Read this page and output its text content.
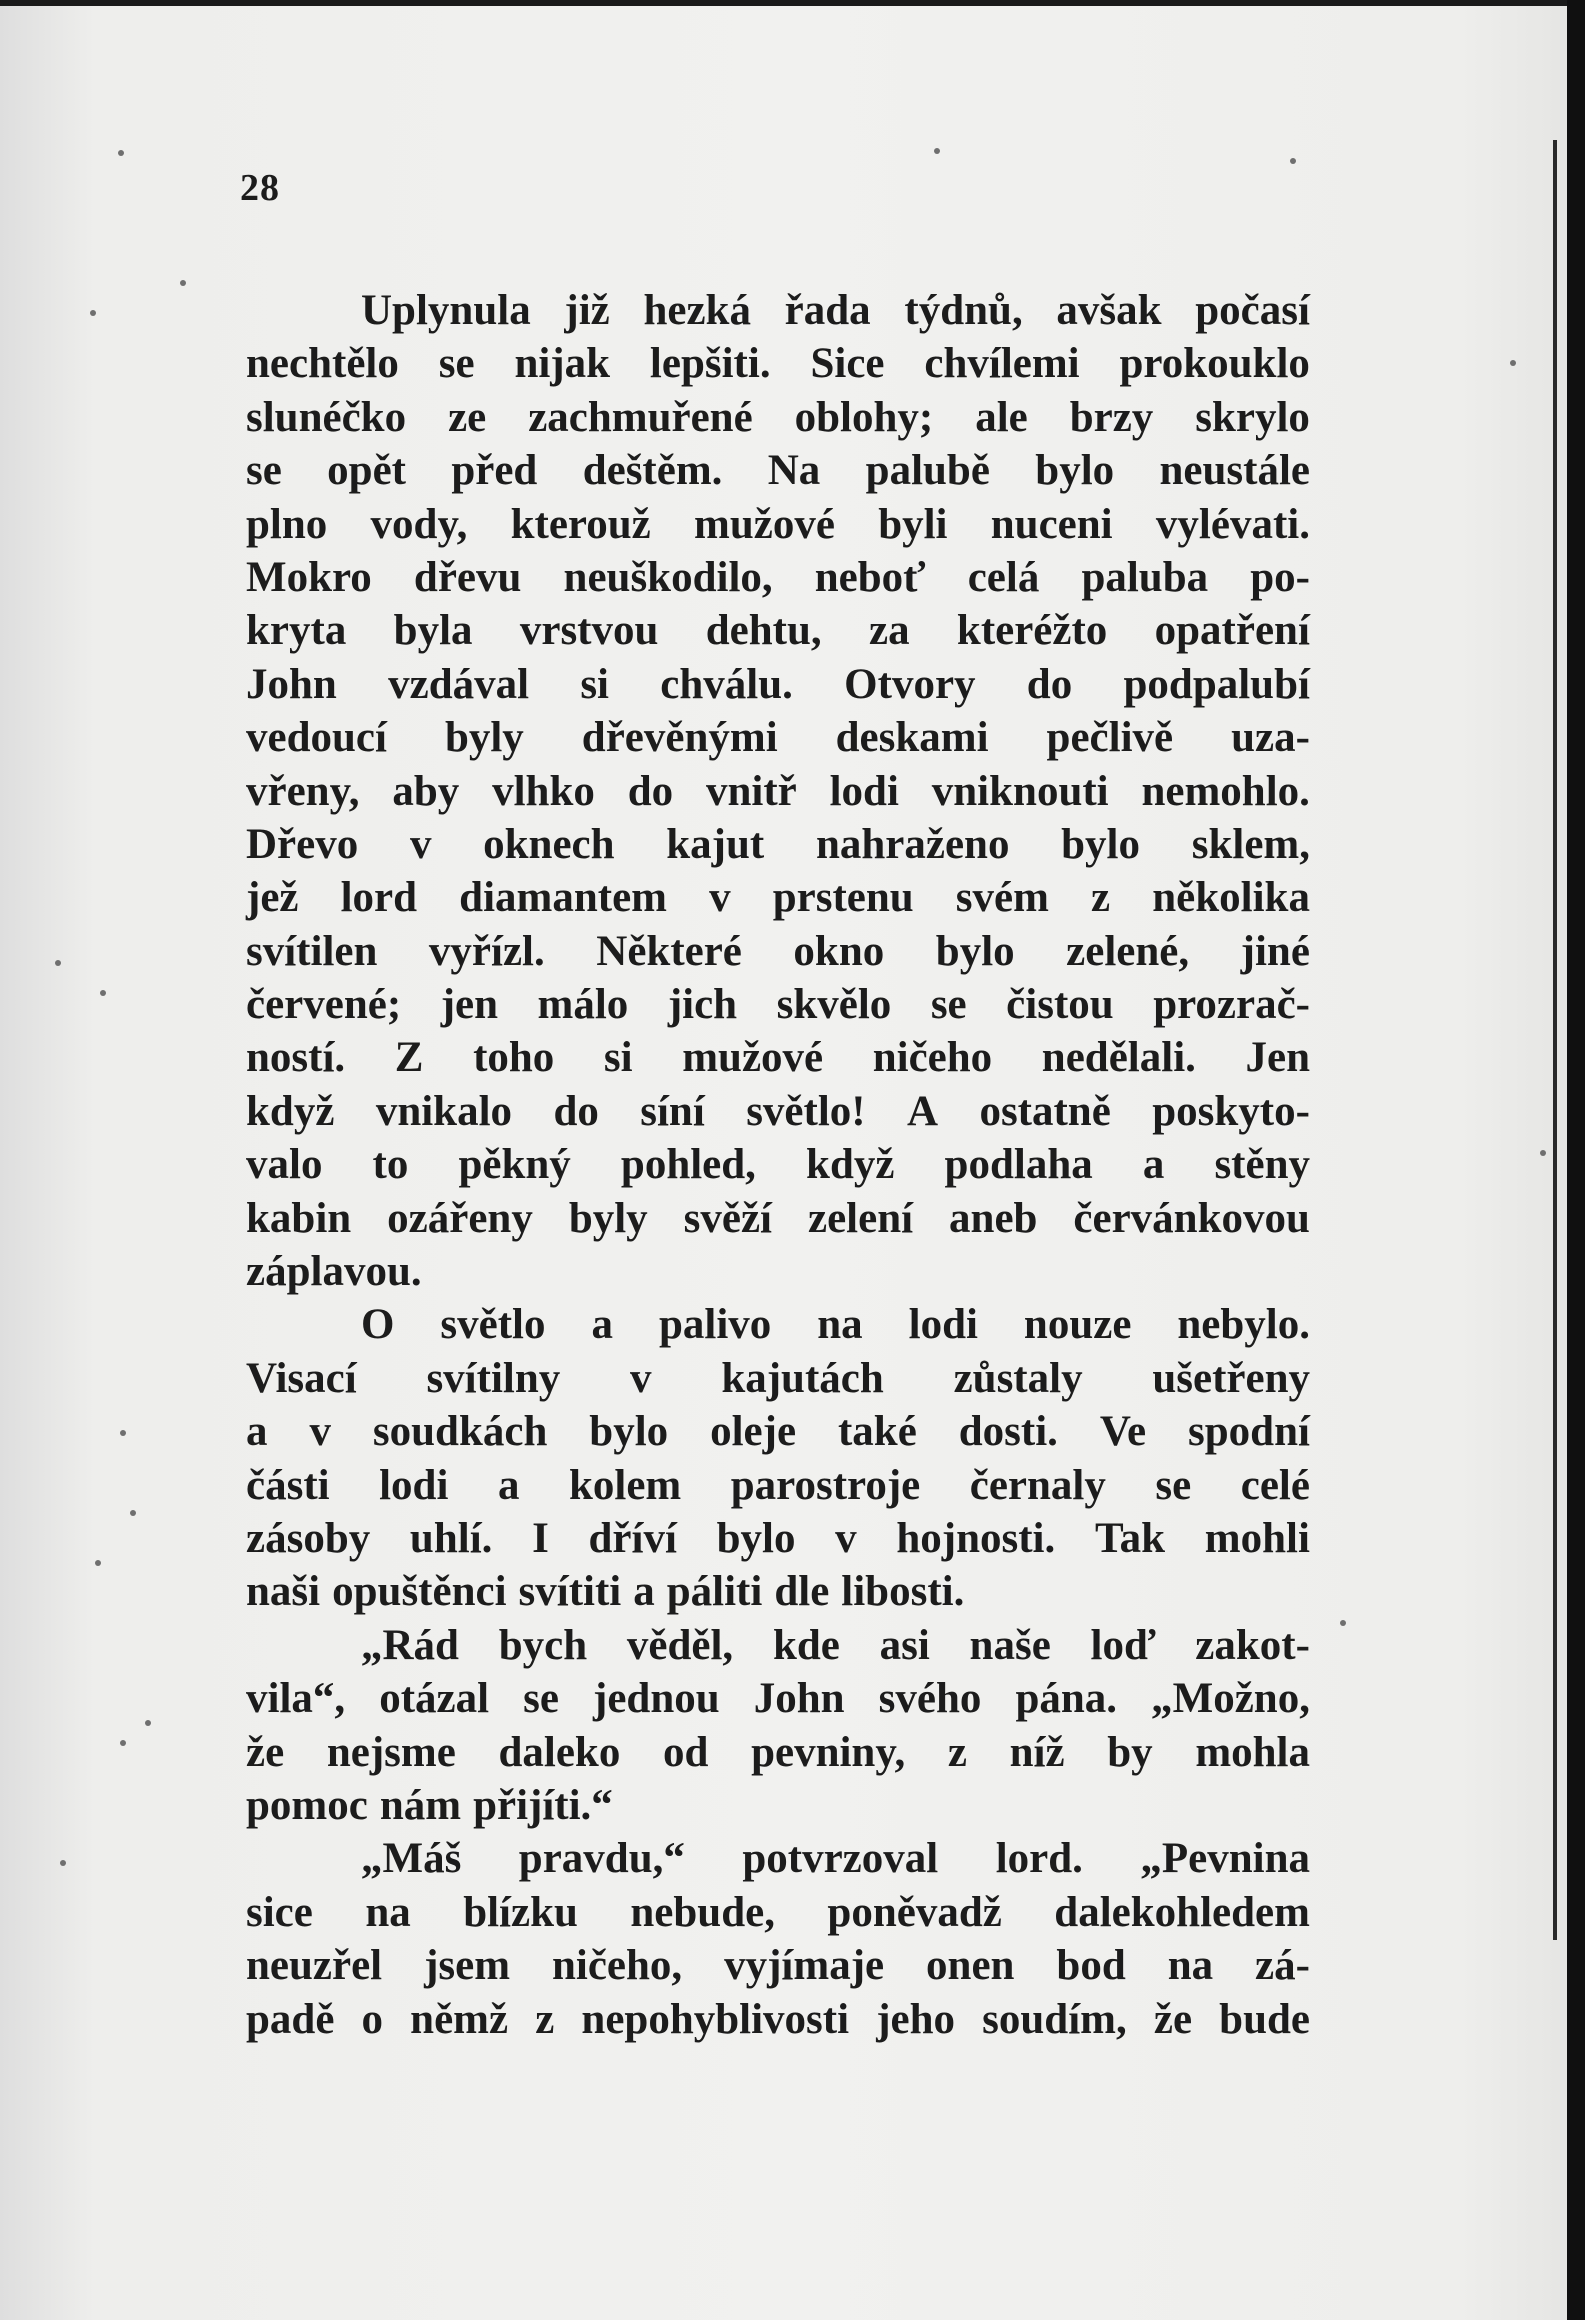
28
Uplynula již hezká řada týdnů, avšak počasí
nechtělo se nijak lepšiti. Sice chvílemi prokouklo
slunéčko ze zachmuřené oblohy; ale brzy skrylo
se opět před deštěm. Na palubě bylo neustále
plno vody, kterouž mužové byli nuceni vylévati.
Mokro dřevu neuškodilo, neboť celá paluba po-
kryta byla vrstvou dehtu, za kteréžto opatření
John vzdával si chválu. Otvory do podpalubí
vedoucí byly dřevěnými deskami pečlivě uza-
vřeny, aby vlhko do vnitř lodi vniknouti nemohlo.
Dřevo v oknech kajut nahraženo bylo sklem,
jež lord diamantem v prstenu svém z několika
svítilen vyřízl. Některé okno bylo zelené, jiné
červené; jen málo jich skvělo se čistou prozrač-
ností. Z toho si mužové ničeho nedělali. Jen
když vnikalo do síní světlo! A ostatně poskyto-
valo to pěkný pohled, když podlaha a stěny
kabin ozářeny byly svěží zelení aneb červánkovou
záplavou.
O světlo a palivo na lodi nouze nebylo.
Visací svítilny v kajutách zůstaly ušetřeny
a v soudkách bylo oleje také dosti. Ve spodní
části lodi a kolem parostroje černaly se celé
zásoby uhlí. I dříví bylo v hojnosti. Tak mohli
naši opuštěnci svítiti a páliti dle libosti.
„Rád bych věděl, kde asi naše loď zakot-
vila“, otázal se jednou John svého pána. „Možno,
že nejsme daleko od pevniny, z níž by mohla
pomoc nám přijíti.“
„Máš pravdu,“ potvrzoval lord. „Pevnina
sice na blízku nebude, poněvadž dalekohledem
neuzřel jsem ničeho, vyjímaje onen bod na zá-
padě o němž z nepohyblivosti jeho soudím, že bude
